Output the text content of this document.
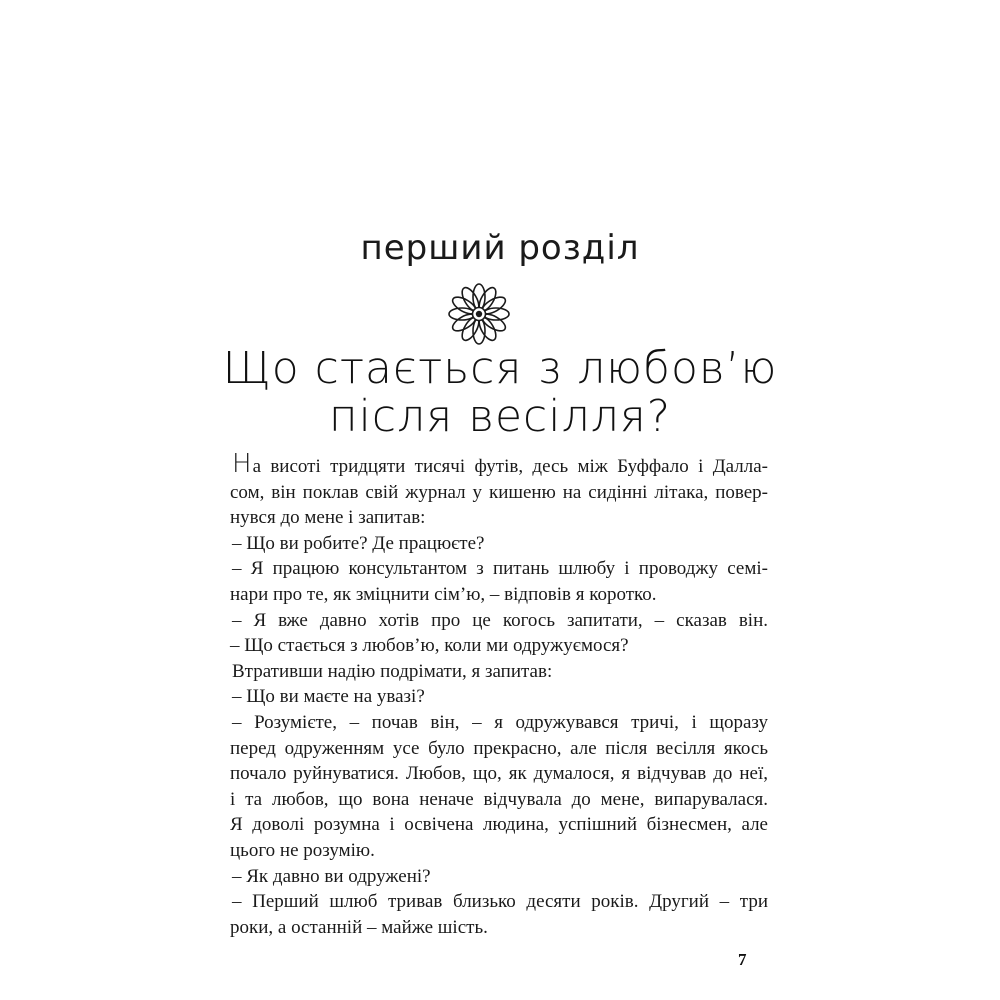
перший розділ
Що стається з любов’ю
після весілля?
На висоті тридцяти тисячі футів, десь між Буффало і Далла-
сом, він поклав свій журнал у кишеню на сидінні літака, повер-
нувся до мене і запитав:
– Що ви робите? Де працюєте?
– Я працюю консультантом з питань шлюбу і проводжу семі-
нари про те, як зміцнити сім’ю, – відповів я коротко.
– Я вже давно хотів про це когось запитати, – сказав він.
– Що стається з любов’ю, коли ми одружуємося?
Втративши надію подрімати, я запитав:
– Що ви маєте на увазі?
– Розумієте, – почав він, – я одружувався тричі, і щоразу
перед одруженням усе було прекрасно, але після весілля якось
почало руйнуватися. Любов, що, як думалося, я відчував до неї,
і та любов, що вона неначе відчувала до мене, випарувалася.
Я доволі розумна і освічена людина, успішний бізнесмен, але
цього не розумію.
– Як давно ви одружені?
– Перший шлюб тривав близько десяти років. Другий – три
роки, а останній – майже шість.
7
